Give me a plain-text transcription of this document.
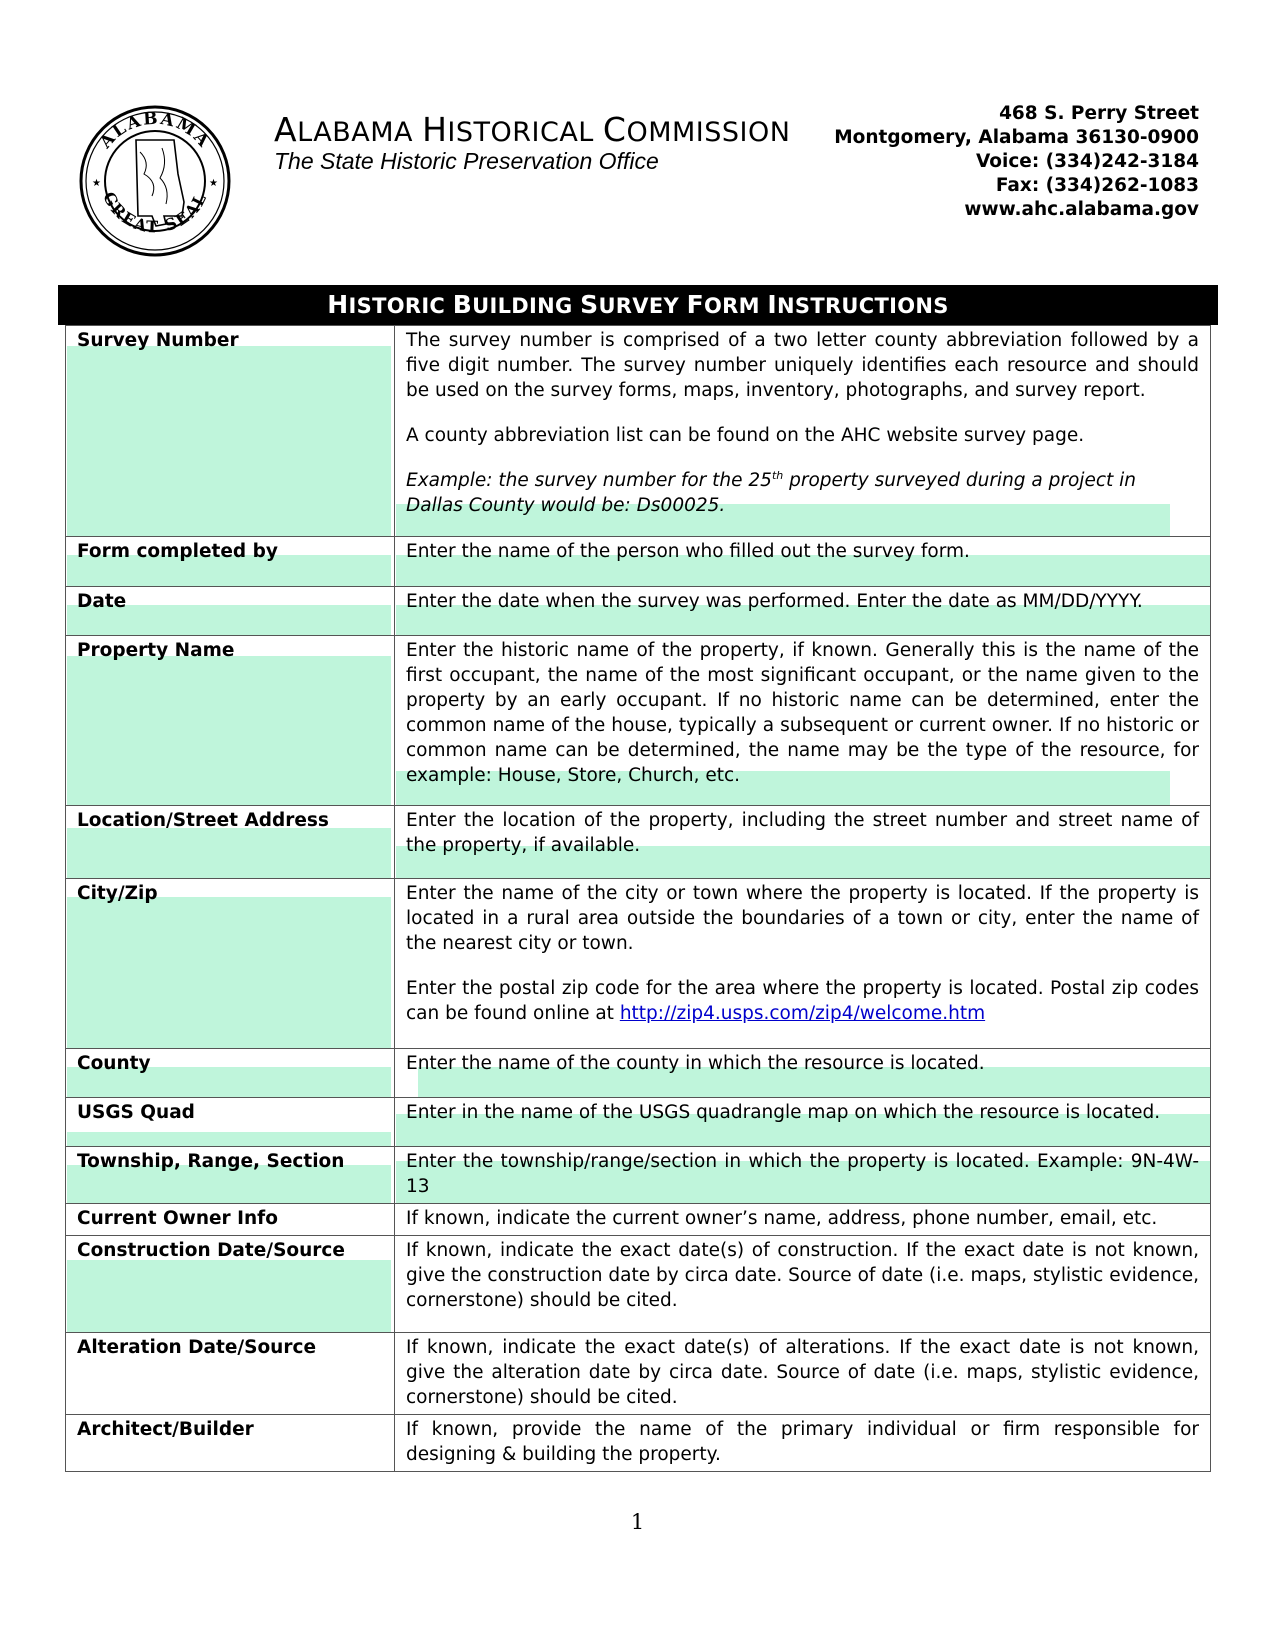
ALABAMA
GREAT SEAL
★	★
ALABAMA HISTORICAL COMMISSION
The State Historic Preservation Office
468 S. Perry Street
Montgomery, Alabama 36130-0900
Voice: (334)242-3184
Fax: (334)262-1083
www.ahc.alabama.gov
HISTORIC BUILDING SURVEY FORM INSTRUCTIONS
Survey Number	The survey number is comprised of a two letter county abbreviation followed by a five digit number. The survey number uniquely identifies each resource and should be used on the survey forms, maps, inventory, photographs, and survey report.
A county abbreviation list can be found on the AHC website survey page.
Example: the survey number for the 25th property surveyed during a project in
Dallas County would be: Ds00025.

Form completed by	Enter the name of the person who filled out the survey form.

Date	Enter the date when the survey was performed. Enter the date as MM/DD/YYYY.

Property Name	Enter the historic name of the property, if known. Generally this is the name of the first occupant, the name of the most significant occupant, or the name given to the property by an early occupant. If no historic name can be determined, enter the common name of the house, typically a subsequent or current owner. If no historic or common name can be determined, the name may be the type of the resource, for example: House, Store, Church, etc.

Location/Street Address	Enter the location of the property, including the street number and street name of the property, if available.

City/Zip	Enter the name of the city or town where the property is located. If the property is located in a rural area outside the boundaries of a town or city, enter the name of the nearest city or town.
Enter the postal zip code for the area where the property is located. Postal zip codes can be found online at http://zip4.usps.com/zip4/welcome.htm

County	Enter the name of the county in which the resource is located.

USGS Quad	Enter in the name of the USGS quadrangle map on which the resource is located.

Township, Range, Section	Enter the township/range/section in which the property is located. Example: 9N-4W-13
Current Owner Info	If known, indicate the current owner’s name, address, phone number, email, etc.

Construction Date/Source	If known, indicate the exact date(s) of construction. If the exact date is not known, give the construction date by circa date. Source of date (i.e. maps, stylistic evidence, cornerstone) should be cited.
Alteration Date/Source	If known, indicate the exact date(s) of alterations. If the exact date is not known, give the alteration date by circa date. Source of date (i.e. maps, stylistic evidence, cornerstone) should be cited.
Architect/Builder	If known, provide the name of the primary individual or firm responsible for designing & building the property.
1
